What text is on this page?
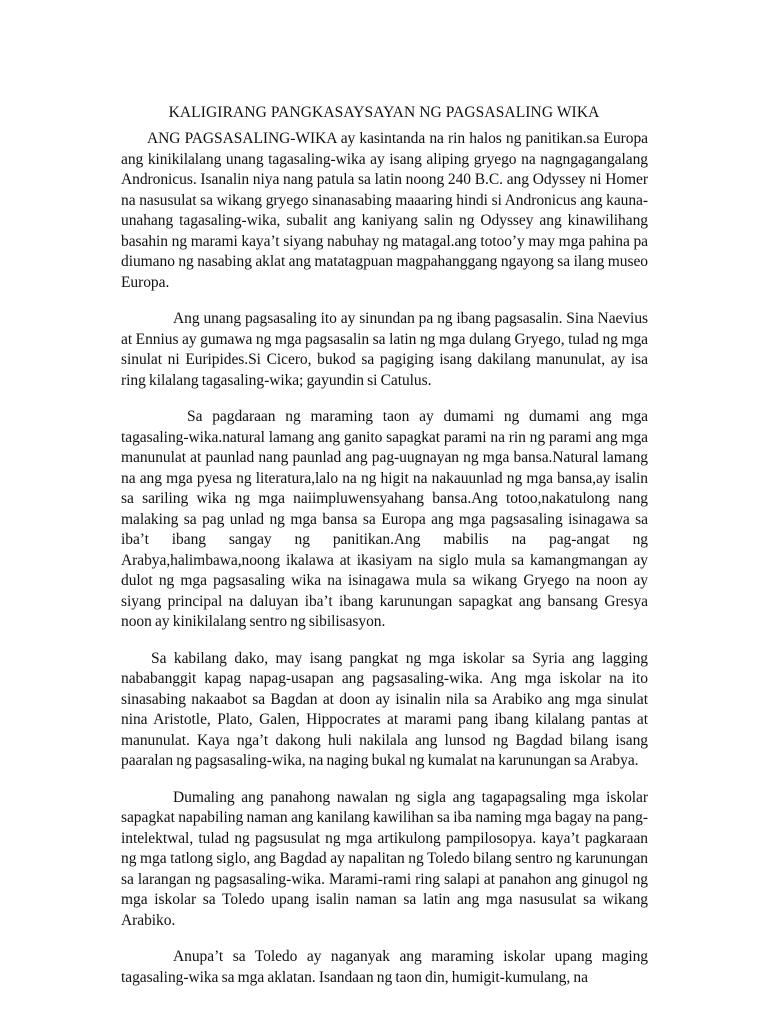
KALIGIRANG PANGKASAYSAYAN NG PAGSASALING WIKA

ANG PAGSASALING-WIKA ay kasintanda na rin halos ng panitikan.sa Europa ang kinikilalang unang tagasaling-wika ay isang aliping gryego na nagngagangalang Andronicus. Isanalin niya nang patula sa latin noong 240 B.C. ang Odyssey ni Homer na nasusulat sa wikang gryego sinanasabing maaaring hindi si Andronicus ang kauna-unahang tagasaling-wika, subalit ang kaniyang salin ng Odyssey ang kinawilihang basahin ng marami kaya’t siyang nabuhay ng matagal.ang totoo’y may mga pahina pa diumano ng nasabing aklat ang matatagpuan magpahanggang ngayong sa ilang museo Europa.

Ang unang pagsasaling ito ay sinundan pa ng ibang pagsasalin. Sina Naevius at Ennius ay gumawa ng mga pagsasalin sa latin ng mga dulang Gryego, tulad ng mga sinulat ni Euripides.Si Cicero, bukod sa pagiging isang dakilang manunulat, ay isa ring kilalang tagasaling-wika; gayundin si Catulus.

Sa pagdaraan ng maraming taon ay dumami ng dumami ang mga tagasaling-wika.natural lamang ang ganito sapagkat parami na rin ng parami ang mga manunulat at paunlad nang paunlad ang pag-uugnayan ng mga bansa.Natural lamang na ang mga pyesa ng literatura,lalo na ng higit na nakauunlad ng mga bansa,ay isalin sa sariling wika ng mga naiimpluwensyahang bansa.Ang totoo,nakatulong nang malaking sa pag unlad ng mga bansa sa Europa ang mga pagsasaling isinagawa sa iba’t ibang sangay ng panitikan.Ang mabilis na pag-angat ng Arabya,halimbawa,noong ikalawa at ikasiyam na siglo mula sa kamangmangan ay dulot ng mga pagsasaling wika na isinagawa mula sa wikang Gryego na noon ay siyang principal na daluyan iba’t ibang karunungan sapagkat ang bansang Gresya noon ay kinikilalang sentro ng sibilisasyon.

Sa kabilang dako, may isang pangkat ng mga iskolar sa Syria ang lagging nababanggit kapag napag-usapan ang pagsasaling-wika. Ang mga iskolar na ito sinasabing nakaabot sa Bagdan at doon ay isinalin nila sa Arabiko ang mga sinulat nina Aristotle, Plato, Galen, Hippocrates at marami pang ibang kilalang pantas at manunulat. Kaya nga’t dakong huli nakilala ang lunsod ng Bagdad bilang isang paaralan ng pagsasaling-wika, na naging bukal ng kumalat na karunungan sa Arabya.

Dumaling ang panahong nawalan ng sigla ang tagapagsaling mga iskolar sapagkat napabiling naman ang kanilang kawilihan sa iba naming mga bagay na pang-intelektwal, tulad ng pagsusulat ng mga artikulong pampilosopya. kaya’t pagkaraan ng mga tatlong siglo, ang Bagdad ay napalitan ng Toledo bilang sentro ng karunungan sa larangan ng pagsasaling-wika. Marami-rami ring salapi at panahon ang ginugol ng mga iskolar sa Toledo upang isalin naman sa latin ang mga nasusulat sa wikang Arabiko.

Anupa’t sa Toledo ay naganyak ang maraming iskolar upang maging tagasaling-wika sa mga aklatan. Isandaan ng taon din, humigit-kumulang, na
